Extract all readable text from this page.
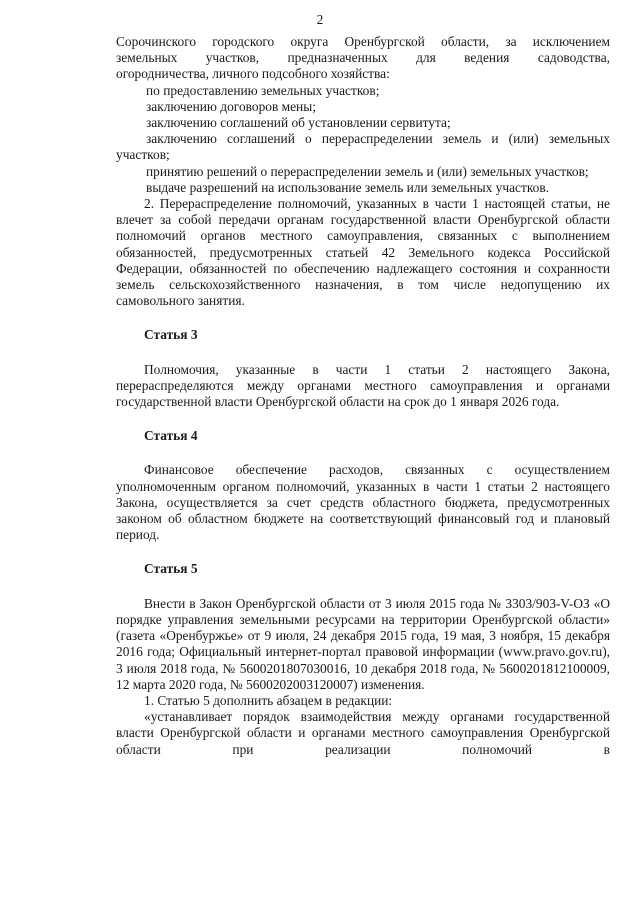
2

Сорочинского городского округа Оренбургской области, за исключением

земельных участков, предназначенных для ведения садоводства,

огородничества, личного подсобного хозяйства:

по предоставлению земельных участков;

заключению договоров мены;

заключению соглашений об установлении сервитута;

заключению соглашений о перераспределении земель и (или) земельных участков;

принятию решений о перераспределении земель и (или) земельных участков;

выдаче разрешений на использование земель или земельных участков.

2. Перераспределение полномочий, указанных в части 1 настоящей статьи, не влечет за собой передачи органам государственной власти Оренбургской области полномочий органов местного самоуправления, связанных с выполнением обязанностей, предусмотренных статьей 42 Земельного кодекса Российской Федерации, обязанностей по обеспечению надлежащего состояния и сохранности земель сельскохозяйственного назначения, в том числе недопущению их самовольного занятия.

Статья 3

Полномочия, указанные в части 1 статьи 2 настоящего Закона, перераспределяются между органами местного самоуправления и органами государственной власти Оренбургской области на срок до 1 января 2026 года.

Статья 4

Финансовое обеспечение расходов, связанных с осуществлением уполномоченным органом полномочий, указанных в части 1 статьи 2 настоящего Закона, осуществляется за счет средств областного бюджета, предусмотренных законом об областном бюджете на соответствующий финансовый год и плановый период.

Статья 5

Внести в Закон Оренбургской области от 3 июля 2015 года № 3303/903-V-ОЗ «О порядке управления земельными ресурсами на территории Оренбургской области» (газета «Оренбуржье» от 9 июля, 24 декабря 2015 года, 19 мая, 3 ноября, 15 декабря 2016 года; Официальный интернет-портал правовой информации (www.pravo.gov.ru), 3 июля 2018 года, № 5600201807030016, 10 декабря 2018 года, № 5600201812100009, 12 марта 2020 года, № 5600202003120007) изменения.

1. Статью 5 дополнить абзацем в редакции:

«устанавливает порядок взаимодействия между органами государственной власти Оренбургской области и органами местного самоуправления Оренбургской области при реализации полномочий в
